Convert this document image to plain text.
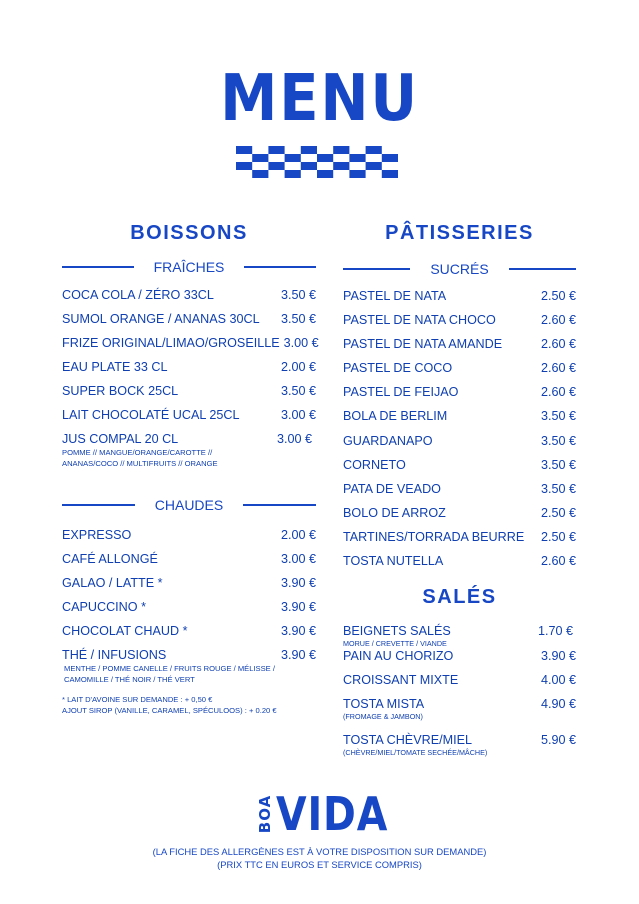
MENU
BOISSONS
FRAÎCHES
COCA COLA / ZÉRO 33CL	3.50 €
SUMOL ORANGE / ANANAS 30CL	3.50 €
FRIZE ORIGINAL/LIMAO/GROSEILLE 3.00 €
EAU PLATE 33 CL	2.00 €
SUPER BOCK 25CL	3.50 €
LAIT CHOCOLATÉ UCAL 25CL	3.00 €
JUS COMPAL 20 CL	3.00 €
POMME // MANGUE/ORANGE/CAROTTE //
ANANAS/COCO // MULTIFRUITS // ORANGE
CHAUDES
EXPRESSO	2.00 €
CAFÉ ALLONGÉ	3.00 €
GALAO / LATTE *	3.90 €
CAPUCCINO *	3.90 €
CHOCOLAT CHAUD *	3.90 €
THÉ / INFUSIONS	3.90 €
MENTHE / POMME CANELLE / FRUITS ROUGE / MÉLISSE /
CAMOMILLE / THÉ NOIR / THÉ VERT
* LAIT D'AVOINE SUR DEMANDE : + 0,50 €
AJOUT SIROP (VANILLE, CARAMEL, SPÉCULOOS) : + 0.20 €
PÂTISSERIES
SUCRÉS
PASTEL DE NATA	2.50 €
PASTEL DE NATA CHOCO	2.60 €
PASTEL DE NATA AMANDE	2.60 €
PASTEL DE COCO	2.60 €
PASTEL DE FEIJAO	2.60 €
BOLA DE BERLIM	3.50 €
GUARDANAPO	3.50 €
CORNETO	3.50 €
PATA DE VEADO	3.50 €
BOLO DE ARROZ	2.50 €
TARTINES/TORRADA BEURRE	2.50 €
TOSTA NUTELLA	2.60 €
SALÉS
BEIGNETS SALÉS	1.70 €
MORUE / CREVETTE / VIANDE
PAIN AU CHORIZO	3.90 €
CROISSANT MIXTE	4.00 €
TOSTA MISTA	4.90 €
(FROMAGE & JAMBON)
TOSTA CHÈVRE/MIEL	5.90 €
(CHÈVRE/MIEL/TOMATE SECHÉE/MÂCHE)
BOA VIDA
(LA FICHE DES ALLERGÈNES EST À VOTRE DISPOSITION SUR DEMANDE)
(PRIX TTC EN EUROS ET SERVICE COMPRIS)
